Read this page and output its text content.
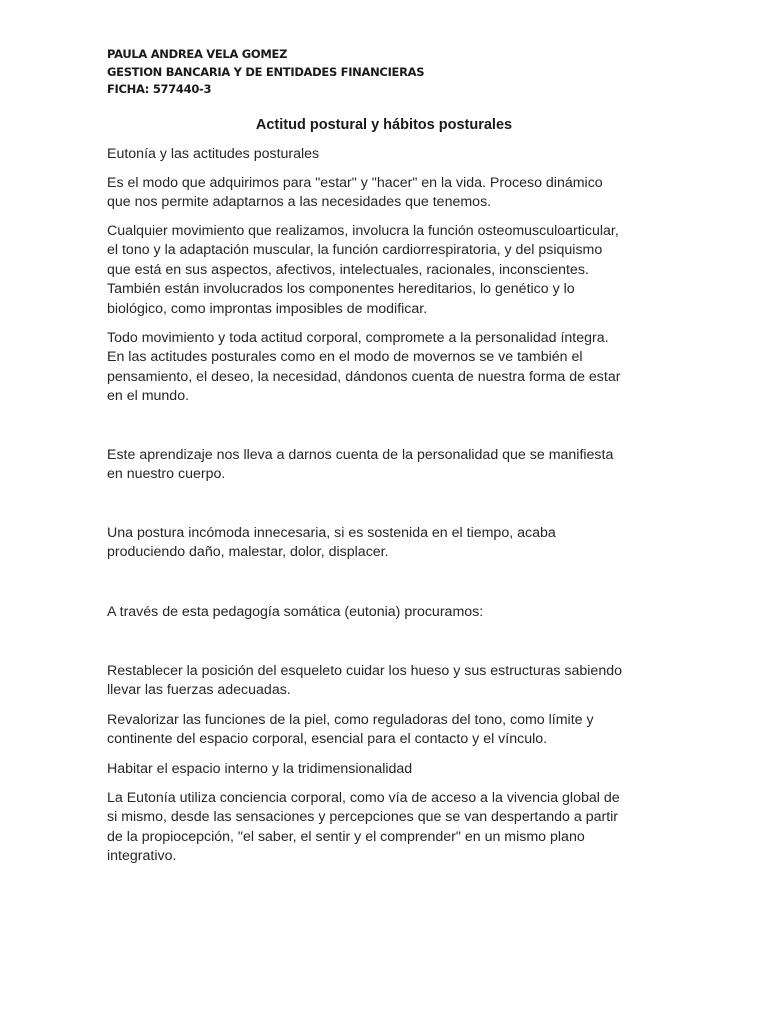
PAULA ANDREA VELA GOMEZ
GESTION BANCARIA Y DE ENTIDADES FINANCIERAS
FICHA: 577440-3
Actitud postural y hábitos posturales
Eutonía y las actitudes posturales
Es el modo que adquirimos para "estar" y "hacer" en la vida. Proceso dinámico
que nos permite adaptarnos a las necesidades que tenemos.
Cualquier movimiento que realizamos, involucra la función osteomusculoarticular,
el tono y la adaptación muscular, la función cardiorrespiratoria, y del psiquismo
que está en sus aspectos, afectivos, intelectuales, racionales, inconscientes.
También están involucrados los componentes hereditarios, lo genético y lo
biológico, como improntas imposibles de modificar.
Todo movimiento y toda actitud corporal, compromete a la personalidad íntegra.
En las actitudes posturales como en el modo de movernos se ve también el
pensamiento, el deseo, la necesidad, dándonos cuenta de nuestra forma de estar
en el mundo.
Este aprendizaje nos lleva a darnos cuenta de la personalidad que se manifiesta
en nuestro cuerpo.
Una postura incómoda innecesaria, si es sostenida en el tiempo, acaba
produciendo daño, malestar, dolor, displacer.
A través de esta pedagogía somática (eutonia) procuramos:
Restablecer la posición del esqueleto cuidar los hueso y sus estructuras sabiendo
llevar las fuerzas adecuadas.
Revalorizar las funciones de la piel, como reguladoras del tono, como límite y
continente del espacio corporal, esencial para el contacto y el vínculo.
Habitar el espacio interno y la tridimensionalidad
La Eutonía utiliza conciencia corporal, como vía de acceso a la vivencia global de
si mismo, desde las sensaciones y percepciones que se van despertando a partir
de la propiocepción, "el saber, el sentir y el comprender" en un mismo plano
integrativo.
